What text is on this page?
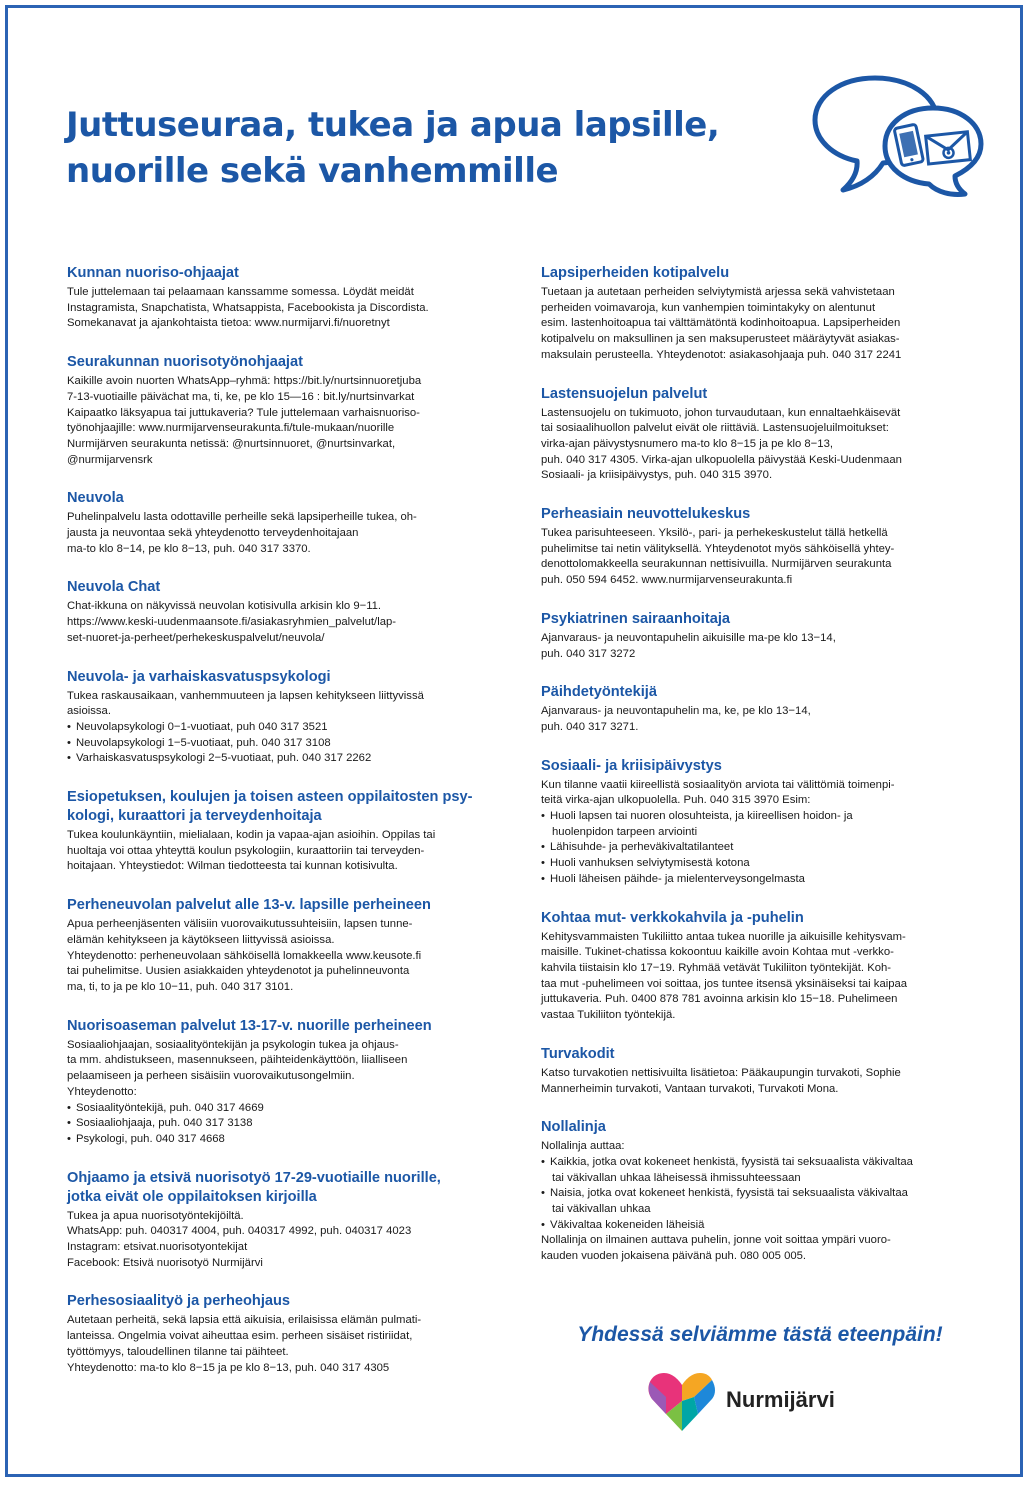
Juttuseuraa, tukea ja apua lapsille,
nuorille sekä vanhemmille
Kunnan nuoriso-ohjaajat
Tule juttelemaan tai pelaamaan kanssamme somessa. Löydät meidät
Instagramista, Snapchatista, Whatsappista, Facebookista ja Discordista.
Somekanavat ja ajankohtaista tietoa: www.nurmijarvi.fi/nuoretnyt
Seurakunnan nuorisotyönohjaajat
Kaikille avoin nuorten WhatsApp–ryhmä: https://bit.ly/nurtsinnuoretjuba
7-13-vuotiaille päivächat ma, ti, ke, pe klo 15—16 : bit.ly/nurtsinvarkat
Kaipaatko läksyapua tai juttukaveria? Tule juttelemaan varhaisnuoriso-
työnohjaajille: www.nurmijarvenseurakunta.fi/tule-mukaan/nuorille
Nurmijärven seurakunta netissä: @nurtsinnuoret, @nurtsinvarkat,
@nurmijarvensrk
Neuvola
Puhelinpalvelu lasta odottaville perheille sekä lapsiperheille tukea, oh-
jausta ja neuvontaa sekä yhteydenotto terveydenhoitajaan
ma-to klo 8−14, pe klo 8−13, puh. 040 317 3370.
Neuvola Chat
Chat-ikkuna on näkyvissä neuvolan kotisivulla arkisin klo 9−11.
https://www.keski-uudenmaansote.fi/asiakasryhmien_palvelut/lap-
set-nuoret-ja-perheet/perhekeskuspalvelut/neuvola/
Neuvola- ja varhaiskasvatuspsykologi
Tukea raskausaikaan, vanhemmuuteen ja lapsen kehitykseen liittyvissä
asioissa.
• Neuvolapsykologi 0−1-vuotiaat, puh 040 317 3521
• Neuvolapsykologi 1−5-vuotiaat, puh. 040 317 3108
• Varhaiskasvatuspsykologi 2−5-vuotiaat, puh. 040 317 2262
Esiopetuksen, koulujen ja toisen asteen oppilaitosten psy-
kologi, kuraattori ja terveydenhoitaja
Tukea koulunkäyntiin, mielialaan, kodin ja vapaa-ajan asioihin. Oppilas tai
huoltaja voi ottaa yhteyttä koulun psykologiin, kuraattoriin tai terveyden-
hoitajaan. Yhteystiedot: Wilman tiedotteesta tai kunnan kotisivulta.
Perheneuvolan palvelut alle 13-v. lapsille perheineen
Apua perheenjäsenten välisiin vuorovaikutussuhteisiin, lapsen tunne-
elämän kehitykseen ja käytökseen liittyvissä asioissa.
Yhteydenotto: perheneuvolaan sähköisellä lomakkeella www.keusote.fi
tai puhelimitse. Uusien asiakkaiden yhteydenotot ja puhelinneuvonta
ma, ti, to ja pe klo 10−11, puh. 040 317 3101.
Nuorisoaseman palvelut 13-17-v. nuorille perheineen
Sosiaaliohjaajan, sosiaalityöntekijän ja psykologin tukea ja ohjaus-
ta mm. ahdistukseen, masennukseen, päihteidenkäyttöön, liialliseen
pelaamiseen ja perheen sisäisiin vuorovaikutusongelmiin.
Yhteydenotto:
• Sosiaalityöntekijä, puh. 040 317 4669
• Sosiaaliohjaaja, puh. 040 317 3138
• Psykologi, puh. 040 317 4668
Ohjaamo ja etsivä nuorisotyö 17-29-vuotiaille nuorille,
jotka eivät ole oppilaitoksen kirjoilla
Tukea ja apua nuorisotyöntekijöiltä.
WhatsApp: puh. 040317 4004, puh. 040317 4992, puh. 040317 4023
Instagram: etsivat.nuorisotyontekijat
Facebook: Etsivä nuorisotyö Nurmijärvi
Perhesosiaalityö ja perheohjaus
Autetaan perheitä, sekä lapsia että aikuisia, erilaisissa elämän pulmati-
lanteissa. Ongelmia voivat aiheuttaa esim. perheen sisäiset ristiriidat,
työttömyys, taloudellinen tilanne tai päihteet.
Yhteydenotto: ma-to klo 8−15 ja pe klo 8−13, puh. 040 317 4305
Lapsiperheiden kotipalvelu
Tuetaan ja autetaan perheiden selviytymistä arjessa sekä vahvistetaan
perheiden voimavaroja, kun vanhempien toimintakyky on alentunut
esim. lastenhoitoapua tai välttämätöntä kodinhoitoapua. Lapsiperheiden
kotipalvelu on maksullinen ja sen maksuperusteet määräytyvät asiakas-
maksulain perusteella. Yhteydenotot: asiakasohjaaja puh. 040 317 2241
Lastensuojelun palvelut
Lastensuojelu on tukimuoto, johon turvaudutaan, kun ennaltaehkäisevät
tai sosiaalihuollon palvelut eivät ole riittäviä. Lastensuojeluilmoitukset:
virka-ajan päivystysnumero ma-to klo 8−15 ja pe klo 8−13,
puh. 040 317 4305. Virka-ajan ulkopuolella päivystää Keski-Uudenmaan
Sosiaali- ja kriisipäivystys, puh. 040 315 3970.
Perheasiain neuvottelukeskus
Tukea parisuhteeseen. Yksilö-, pari- ja perhekeskustelut tällä hetkellä
puhelimitse tai netin välityksellä. Yhteydenotot myös sähköisellä yhtey-
denottolomakkeella seurakunnan nettisivuilla. Nurmijärven seurakunta
puh. 050 594 6452. www.nurmijarvenseurakunta.fi
Psykiatrinen sairaanhoitaja
Ajanvaraus- ja neuvontapuhelin aikuisille ma-pe klo 13−14,
puh. 040 317 3272
Päihdetyöntekijä
Ajanvaraus- ja neuvontapuhelin ma, ke, pe klo 13−14,
puh. 040 317 3271.
Sosiaali- ja kriisipäivystys
Kun tilanne vaatii kiireellistä sosiaalityön arviota tai välittömiä toimenpi-
teitä virka-ajan ulkopuolella. Puh. 040 315 3970 Esim:
• Huoli lapsen tai nuoren olosuhteista, ja kiireellisen hoidon- ja
huolenpidon tarpeen arviointi
• Lähisuhde- ja perheväkivaltatilanteet
• Huoli vanhuksen selviytymisestä kotona
• Huoli läheisen päihde- ja mielenterveysongelmasta
Kohtaa mut- verkkokahvila ja -puhelin
Kehitysvammaisten Tukiliitto antaa tukea nuorille ja aikuisille kehitysvam-
maisille. Tukinet-chatissa kokoontuu kaikille avoin Kohtaa mut -verkko-
kahvila tiistaisin klo 17−19. Ryhmää vetävät Tukiliiton työntekijät. Koh-
taa mut -puhelimeen voi soittaa, jos tuntee itsensä yksinäiseksi tai kaipaa
juttukaveria. Puh. 0400 878 781 avoinna arkisin klo 15−18. Puhelimeen
vastaa Tukiliiton työntekijä.
Turvakodit
Katso turvakotien nettisivuilta lisätietoa: Pääkaupungin turvakoti, Sophie
Mannerheimin turvakoti, Vantaan turvakoti, Turvakoti Mona.
Nollalinja
Nollalinja auttaa:
• Kaikkia, jotka ovat kokeneet henkistä, fyysistä tai seksuaalista väkivaltaa
tai väkivallan uhkaa läheisessä ihmissuhteessaan
• Naisia, jotka ovat kokeneet henkistä, fyysistä tai seksuaalista väkivaltaa
tai väkivallan uhkaa
• Väkivaltaa kokeneiden läheisiä
Nollalinja on ilmainen auttava puhelin, jonne voit soittaa ympäri vuoro-
kauden vuoden jokaisena päivänä puh. 080 005 005.

Yhdessä selviämme tästä eteenpäin!

Nurmijärvi
